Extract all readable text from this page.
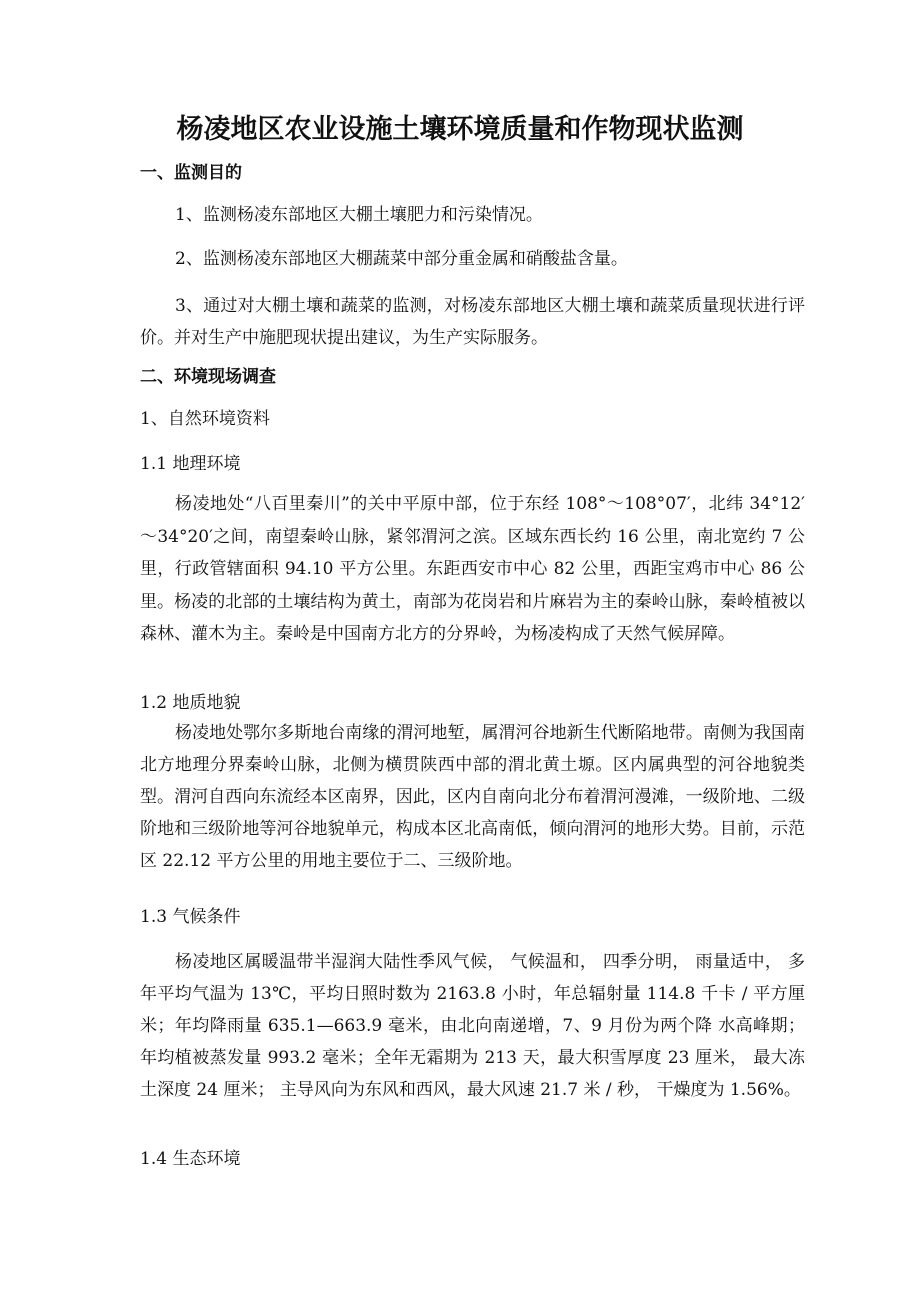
杨凌地区农业设施土壤环境质量和作物现状监测
一、监测目的

1、监测杨凌东部地区大棚土壤肥力和污染情况。

2、监测杨凌东部地区大棚蔬菜中部分重金属和硝酸盐含量。

3、通过对大棚土壤和蔬菜的监测，对杨凌东部地区大棚土壤和蔬菜质量现状进行评价。并对生产中施肥现状提出建议，为生产实际服务。

二、环境现场调查
1、自然环境资料
1.1 地理环境

杨凌地处“八百里秦川”的关中平原中部，位于东经 108°～108°07′，北纬 34°12′～34°20′之间，南望秦岭山脉，紧邻渭河之滨。区域东西长约 16 公里，南北宽约 7 公里，行政管辖面积 94.10 平方公里。东距西安市中心 82 公里，西距宝鸡市中心 86 公里。杨凌的北部的土壤结构为黄土，南部为花岗岩和片麻岩为主的秦岭山脉，秦岭植被以森林、灌木为主。秦岭是中国南方北方的分界岭，为杨凌构成了天然气候屏障。

1.2 地质地貌

杨凌地处鄂尔多斯地台南缘的渭河地堑，属渭河谷地新生代断陷地带。南侧为我国南北方地理分界秦岭山脉，北侧为横贯陕西中部的渭北黄土塬。区内属典型的河谷地貌类型。渭河自西向东流经本区南界，因此，区内自南向北分布着渭河漫滩，一级阶地、二级阶地和三级阶地等河谷地貌单元，构成本区北高南低，倾向渭河的地形大势。目前，示范区 22.12 平方公里的用地主要位于二、三级阶地。

1.3 气候条件

杨凌地区属暖温带半湿润大陆性季风气候， 气候温和， 四季分明， 雨量适中， 多年平均气温为 13℃，平均日照时数为 2163.8 小时，年总辐射量 114.8 千卡 / 平方厘米；年均降雨量 635.1—663.9 毫米，由北向南递增，7、9 月份为两个降 水高峰期；年均植被蒸发量 993.2 毫米；全年无霜期为 213 天，最大积雪厚度 23 厘米， 最大冻土深度 24 厘米； 主导风向为东风和西风，最大风速 21.7 米 / 秒， 干燥度为 1.56%。

1.4 生态环境
